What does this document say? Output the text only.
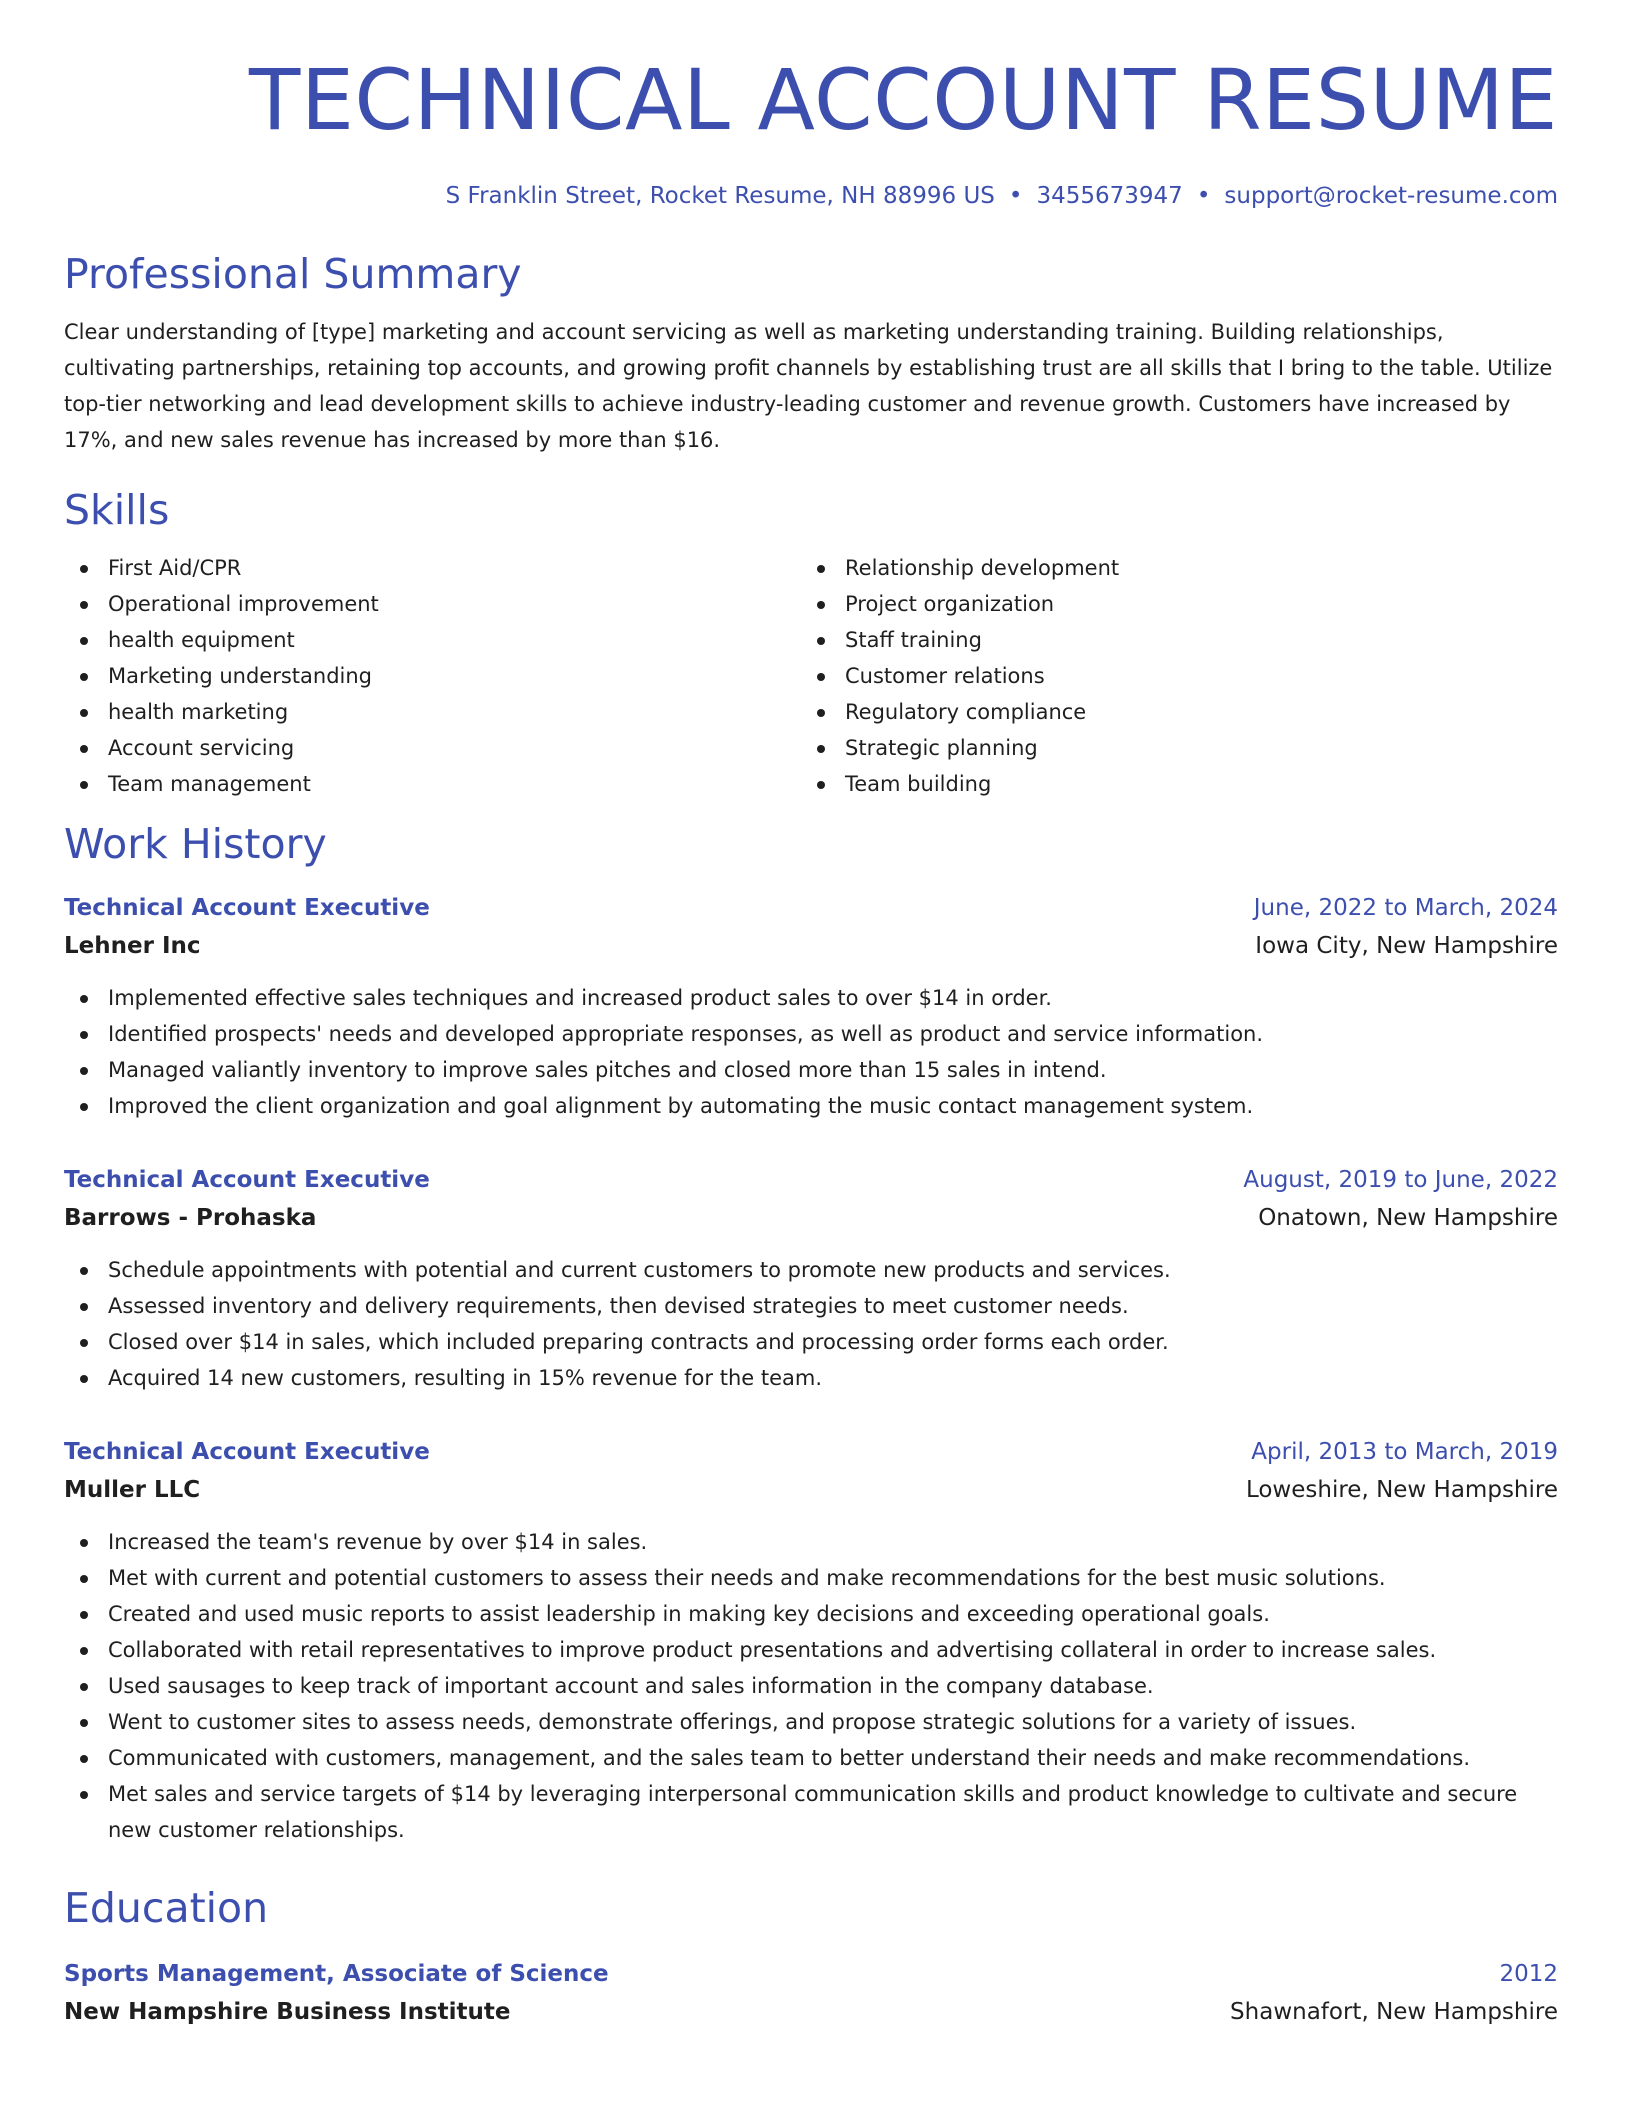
TECHNICAL ACCOUNT RESUME
S Franklin Street, Rocket Resume, NH 88996 US • 3455673947 • support@rocket-resume.com
Professional Summary

Clear understanding of [type] marketing and account servicing as well as marketing understanding training. Building relationships, cultivating partnerships, retaining top accounts, and growing profit channels by establishing trust are all skills that I bring to the table. Utilize top-tier networking and lead development skills to achieve industry-leading customer and revenue growth. Customers have increased by 17%, and new sales revenue has increased by more than $16.

Skills
First Aid/CPR
Operational improvement
health equipment
Marketing understanding
health marketing
Account servicing
Team management
Relationship development
Project organization
Staff training
Customer relations
Regulatory compliance
Strategic planning
Team building
Work History
Technical Account Executive	June, 2022 to March, 2024
Lehner Inc	Iowa City, New Hampshire
Implemented effective sales techniques and increased product sales to over $14 in order.
Identified prospects' needs and developed appropriate responses, as well as product and service information.
Managed valiantly inventory to improve sales pitches and closed more than 15 sales in intend.
Improved the client organization and goal alignment by automating the music contact management system.
Technical Account Executive	August, 2019 to June, 2022
Barrows - Prohaska	Onatown, New Hampshire
Schedule appointments with potential and current customers to promote new products and services.
Assessed inventory and delivery requirements, then devised strategies to meet customer needs.
Closed over $14 in sales, which included preparing contracts and processing order forms each order.
Acquired 14 new customers, resulting in 15% revenue for the team.
Technical Account Executive	April, 2013 to March, 2019
Muller LLC	Loweshire, New Hampshire
Increased the team's revenue by over $14 in sales.
Met with current and potential customers to assess their needs and make recommendations for the best music solutions.
Created and used music reports to assist leadership in making key decisions and exceeding operational goals.
Collaborated with retail representatives to improve product presentations and advertising collateral in order to increase sales.
Used sausages to keep track of important account and sales information in the company database.
Went to customer sites to assess needs, demonstrate offerings, and propose strategic solutions for a variety of issues.
Communicated with customers, management, and the sales team to better understand their needs and make recommendations.
Met sales and service targets of $14 by leveraging interpersonal communication skills and product knowledge to cultivate and secure new customer relationships.
Education
Sports Management, Associate of Science	2012
New Hampshire Business Institute	Shawnafort, New Hampshire
